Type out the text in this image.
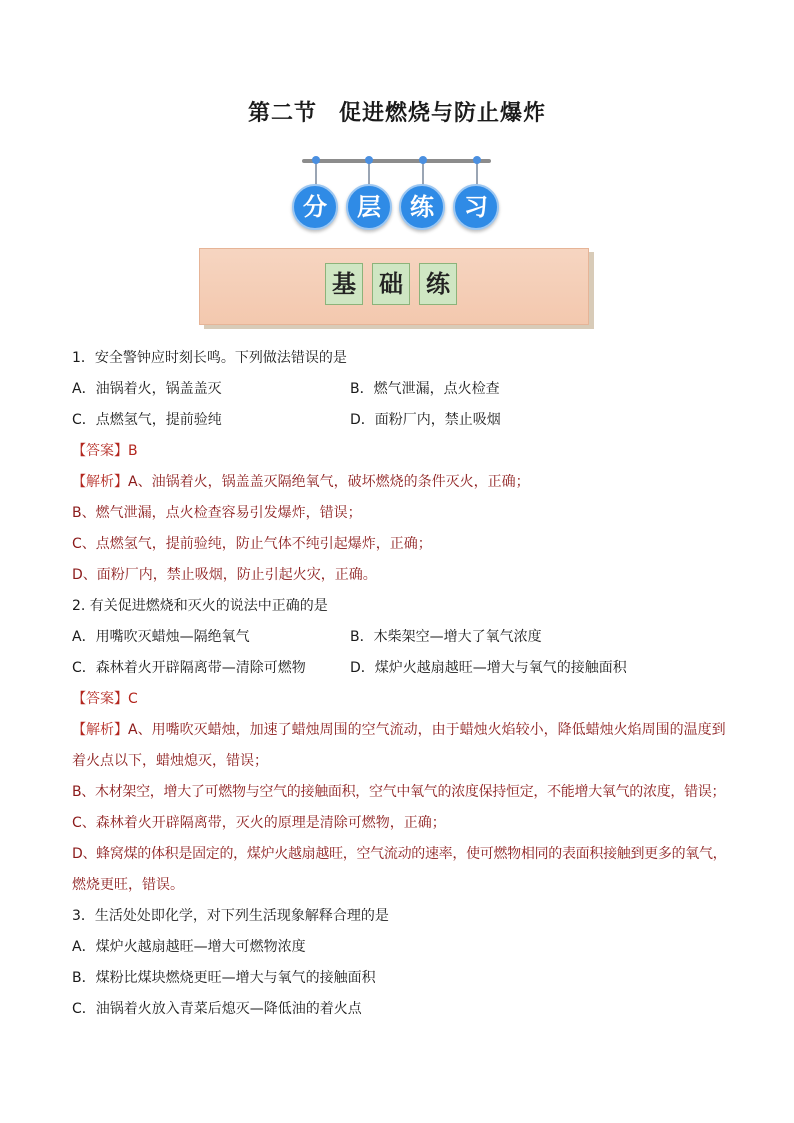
第二节 促进燃烧与防止爆炸
分	层	练	习
基 础 练
1．安全警钟应时刻长鸣。下列做法错误的是
A．油锅着火，锅盖盖灭	B．燃气泄漏，点火检查
C．点燃氢气，提前验纯	D．面粉厂内，禁止吸烟
【答案】B
【解析】A、油锅着火，锅盖盖灭隔绝氧气，破坏燃烧的条件灭火，正确；
B、燃气泄漏，点火检查容易引发爆炸，错误；
C、点燃氢气，提前验纯，防止气体不纯引起爆炸，正确；
D、面粉厂内，禁止吸烟，防止引起火灾，正确。
2. 有关促进燃烧和灭火的说法中正确的是
A．用嘴吹灭蜡烛—隔绝氧气	B．木柴架空—增大了氧气浓度
C．森林着火开辟隔离带—清除可燃物	D．煤炉火越扇越旺—增大与氧气的接触面积
【答案】C
【解析】A、用嘴吹灭蜡烛，加速了蜡烛周围的空气流动，由于蜡烛火焰较小，降低蜡烛火焰周围的温度到
着火点以下，蜡烛熄灭，错误；
B、木材架空，增大了可燃物与空气的接触面积，空气中氧气的浓度保持恒定，不能增大氧气的浓度，错误；
C、森林着火开辟隔离带，灭火的原理是清除可燃物，正确；
D、蜂窝煤的体积是固定的，煤炉火越扇越旺，空气流动的速率，使可燃物相同的表面积接触到更多的氧气，
燃烧更旺，错误。
3．生活处处即化学，对下列生活现象解释合理的是
A．煤炉火越扇越旺—增大可燃物浓度
B．煤粉比煤块燃烧更旺—增大与氧气的接触面积
C．油锅着火放入青菜后熄灭—降低油的着火点
